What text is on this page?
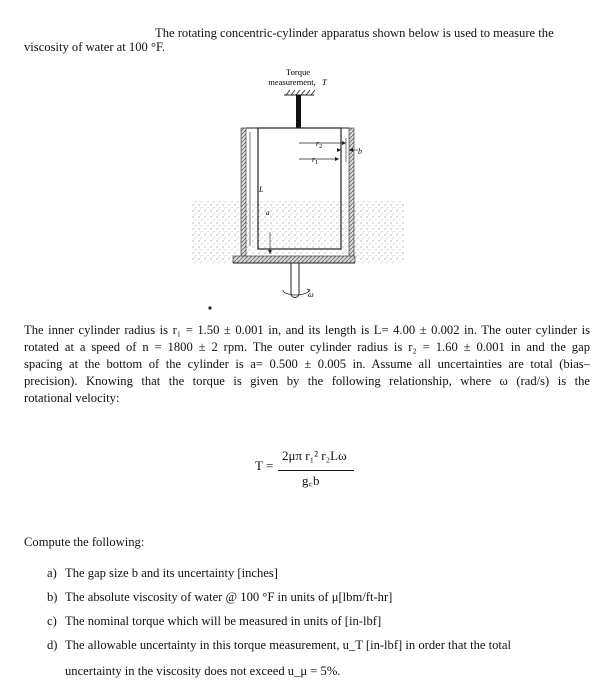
The rotating concentric-cylinder apparatus shown below is used to measure the
viscosity of water at 100 °F.
Torque
measurement, T
ω
$r_2$
$r_1$
b
L
a
The inner cylinder radius is r₁ = 1.50 ± 0.001 in, and its length is L= 4.00 ± 0.002 in. The outer cylinder is
rotated at a speed of n = 1800 ± 2 rpm. The outer cylinder radius is r₂ = 1.60 ± 0.001 in and the gap
spacing at the bottom of the cylinder is a= 0.500 ± 0.005 in. Assume all uncertainties are total (bias–
precision). Knowing that the torque is given by the following relationship, where ω (rad/s) is the
rotational velocity:
T =
2μπ r₁² r₂Lω
g꜀b
Compute the following:
a) The gap size b and its uncertainty [inches]
b) The absolute viscosity of water @ 100 °F in units of μ[lbm/ft-hr]
c) The nominal torque which will be measured in units of [in-lbf]
d) The allowable uncertainty in this torque measurement, u_T [in-lbf] in order that the total
uncertainty in the viscosity does not exceed u_μ = 5%.
